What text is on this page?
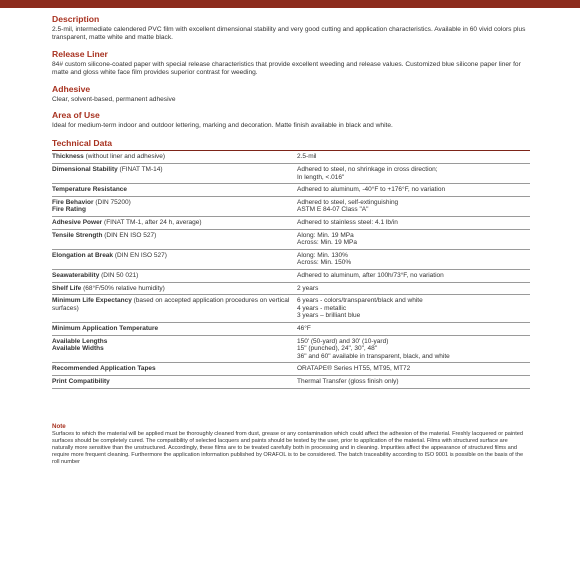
Description

2.5-mil, intermediate calendered PVC film with excellent dimensional stability and very good cutting and application characteristics. Available in 60 vivid colors plus transparent, matte white and matte black.

Release Liner

84# custom silicone-coated paper with special release characteristics that provide excellent weeding and release values. Customized blue silicone paper liner for matte and gloss white face film provides superior contrast for weeding.

Adhesive

Clear, solvent-based, permanent adhesive

Area of Use

Ideal for medium-term indoor and outdoor lettering, marking and decoration. Matte finish available in black and white.

Technical Data
Thickness (without liner and adhesive)	2.5-mil
Dimensional Stability (FINAT TM-14)	Adhered to steel, no shrinkage in cross direction;
In length, <.016"
Temperature Resistance	Adhered to aluminum, -40°F to +176°F, no variation
Fire Behavior (DIN 75200)
Fire Rating	Adhered to steel, self-extinguishing
ASTM E 84-07 Class "A"
Adhesive Power (FINAT TM-1, after 24 h, average)	Adhered to stainless steel: 4.1 lb/in
Tensile Strength (DIN EN ISO 527)	Along: Min. 19 MPa
Across: Min. 19 MPa
Elongation at Break (DIN EN ISO 527)	Along: Min. 130%
Across: Min. 150%
Seawaterability (DIN 50 021)	Adhered to aluminum, after 100h/73°F, no variation
Shelf Life (68°F/50% relative humidity)	2 years
Minimum Life Expectancy (based on accepted application procedures on vertical surfaces)	6 years - colors/transparent/black and white
4 years - metallic
3 years – brilliant blue
Minimum Application Temperature	46°F
Available Lengths
Available Widths	150' (50-yard) and 30' (10-yard)
15" (punched), 24", 30", 48"
36" and 60" available in transparent, black, and white
Recommended Application Tapes	ORATAPE® Series HT55, MT95, MT72
Print Compatibility	Thermal Transfer (gloss finish only)
Note

Surfaces to which the material will be applied must be thoroughly cleaned from dust, grease or any contamination which could affect the adhesion of the material. Freshly lacquered or painted surfaces should be completely cured. The compatibility of selected lacquers and paints should be tested by the user, prior to application of the material. Films with structured surface are naturally more sensitive than the unstructured. Accordingly, these films are to be treated carefully both in processing and in cleaning. Impurities affect the appearance of structured films and require more frequent cleaning. Furthermore the application information published by ORAFOL is to be considered. The batch traceability according to ISO 9001 is possible on the basis of the roll number
